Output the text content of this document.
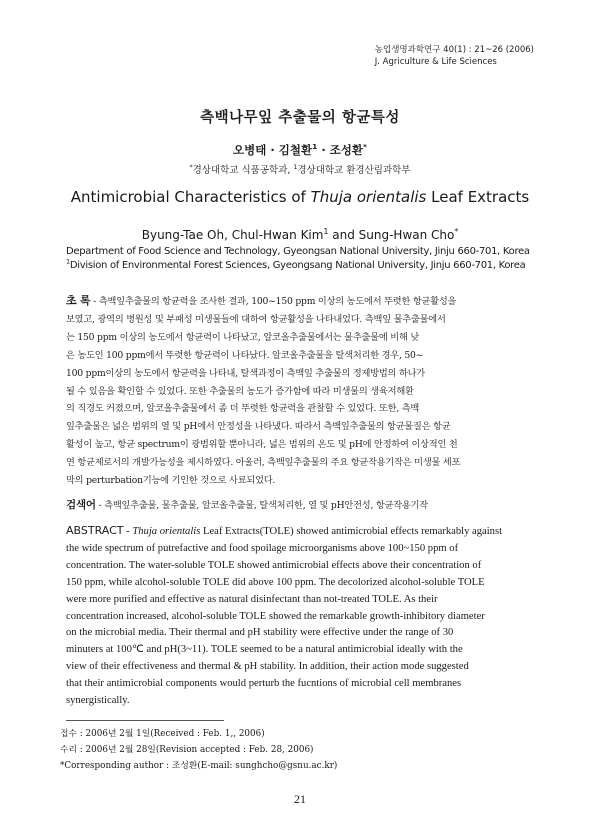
농업생명과학연구 40(1) : 21~26 (2006)
J. Agriculture & Life Sciences
측백나무잎 추출물의 항균특성
오병태 · 김철환$^1$ · 조성환*
*경상대학교 식품공학과, $^1$경상대학교 환경산림과학부
Antimicrobial Characteristics of Thuja orientalis Leaf Extracts
Byung-Tae Oh, Chul-Hwan Kim$^1$ and Sung-Hwan Cho*
Department of Food Science and Technology, Gyeongsan National University, Jinju 660-701, Korea
$^1$Division of Environmental Forest Sciences, Gyeongsang National University, Jinju 660-701, Korea
초 록 - 측백잎추출물의 항균력을 조사한 결과, 100~150 ppm 이상의 농도에서 뚜렷한 항균활성을
보였고, 광역의 병원성 및 부패성 미생물들에 대하여 항균활성을 나타내었다. 측백잎 물추출물에서
는 150 ppm 이상의 농도에서 항균력이 나타났고, 알코올추출물에서는 물추출물에 비해 낮
은 농도인 100 ppm에서 뚜렷한 항균력이 나타났다. 알코올추출물을 탈색처리한 경우, 50~
100 ppm이상의 농도에서 항균력을 나타내, 탈색과정이 측백잎 추출물의 정제방법의 하나가
될 수 있음을 확인할 수 있었다. 또한 추출물의 농도가 증가함에 따라 미생물의 생육저해환
의 직경도 커졌으며, 알코올추출물에서 좀 더 뚜렷한 항균력을 관찰할 수 있었다. 또한, 측백
잎추출물은 넓은 범위의 열 및 pH에서 안정성을 나타냈다. 따라서 측백잎추출물의 항균물질은 항균
활성이 높고, 항균 spectrum이 광범위할 뿐아니라, 넓은 범위의 온도 및 pH에 안정하여 이상적인 천
연 항균제로서의 개발가능성을 제시하였다. 아울러, 측백잎추출물의 주요 항균작용기작은 미생물 세포
막의 perturbation기능에 기인한 것으로 사료되었다.
검색어 - 측백잎추출물, 물추출물, 알코올추출물, 탈색처리한, 열 및 pH안전성, 항균작용기작
ABSTRACT - Thuja orientalis Leaf Extracts(TOLE) showed antimicrobial effects remarkably against
the wide spectrum of putrefactive and food spoilage microorganisms above 100~150 ppm of
concentration. The water-soluble TOLE showed antimicrobial effects above their concentration of
150 ppm, while alcohol-soluble TOLE did above 100 ppm. The decolorized alcohol-soluble TOLE
were more purified and effective as natural disinfectant than not-treated TOLE. As their
concentration increased, alcohol-soluble TOLE showed the remarkable growth-inhibitory diameter
on the microbial media. Their thermal and pH stability were effective under the range of 30
minuters at 100℃ and pH(3~11). TOLE seemed to be a natural antimicrobial ideally with the
view of their effectiveness and thermal & pH stability. In addition, their action mode suggested
that their antimicrobial components would perturb the fucntions of microbial cell membranes
synergistically.
접수 : 2006년 2월 1일(Received : Feb. 1,, 2006)
수리 : 2006년 2월 28일(Revision accepted : Feb. 28, 2006)
*Corresponding author : 조성환(E-mail: sunghcho@gsnu.ac.kr)
21
